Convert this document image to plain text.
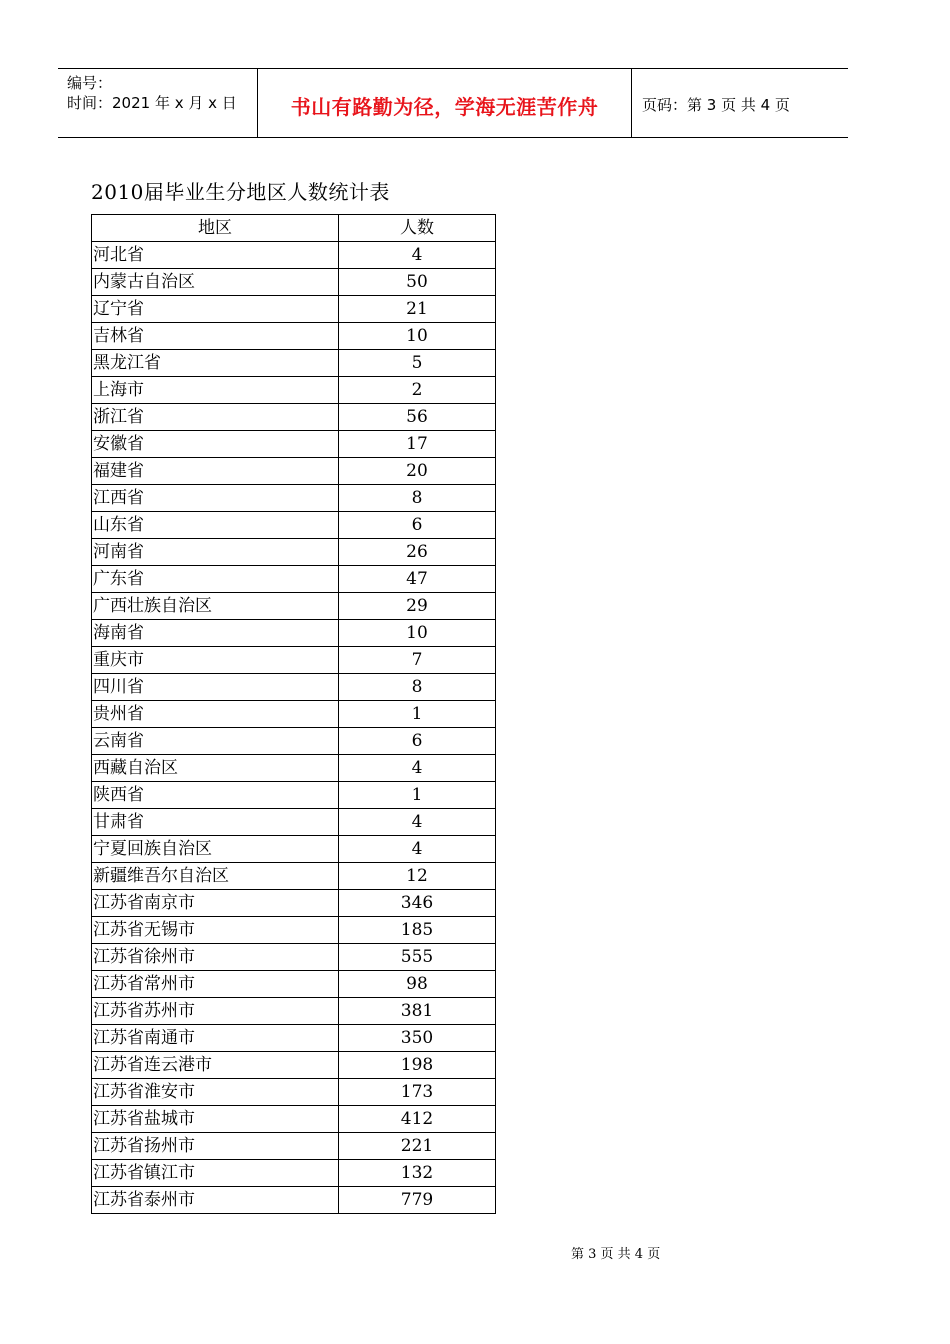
编号：
时间：2021 年 x 月 x 日	书山有路勤为径，学海无涯苦作舟	页码：第 3 页 共 4 页
2010届毕业生分地区人数统计表
地区	人数
河北省	4
内蒙古自治区	50
辽宁省	21
吉林省	10
黑龙江省	5
上海市	2
浙江省	56
安徽省	17
福建省	20
江西省	8
山东省	6
河南省	26
广东省	47
广西壮族自治区	29
海南省	10
重庆市	7
四川省	8
贵州省	1
云南省	6
西藏自治区	4
陕西省	1
甘肃省	4
宁夏回族自治区	4
新疆维吾尔自治区	12
江苏省南京市	346
江苏省无锡市	185
江苏省徐州市	555
江苏省常州市	98
江苏省苏州市	381
江苏省南通市	350
江苏省连云港市	198
江苏省淮安市	173
江苏省盐城市	412
江苏省扬州市	221
江苏省镇江市	132
江苏省泰州市	779
第 3 页 共 4 页
